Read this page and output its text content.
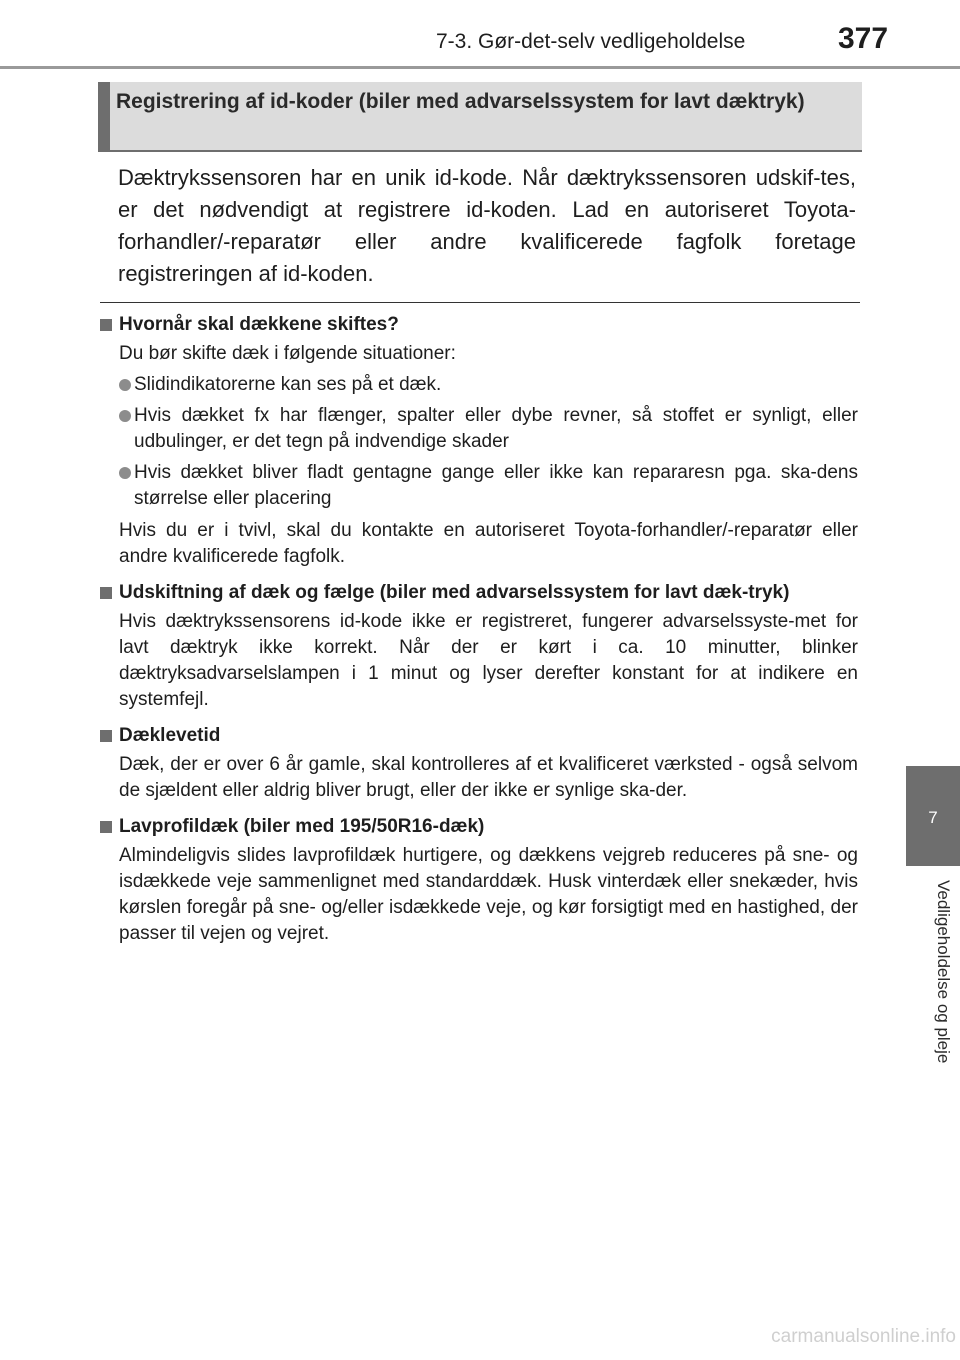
7-3. Gør-det-selv vedligeholdelse	377
7
Vedligeholdelse og pleje
Registrering af id-koder (biler med advarselssystem for lavt dæktryk)

Dæktrykssensoren har en unik id-kode. Når dæktrykssensoren udskif-tes, er det nødvendigt at registrere id-koden. Lad en autoriseret Toyota-forhandler/-reparatør eller andre kvalificerede fagfolk foretage registreringen af id-koden.

Hvornår skal dækkene skiftes?
Du bør skifte dæk i følgende situationer:
Slidindikatorerne kan ses på et dæk.
Hvis dækket fx har flænger, spalter eller dybe revner, så stoffet er synligt, eller udbulinger, er det tegn på indvendige skader
Hvis dækket bliver fladt gentagne gange eller ikke kan repararesn pga. ska-dens størrelse eller placering
Hvis du er i tvivl, skal du kontakte en autoriseret Toyota-forhandler/-reparatør eller andre kvalificerede fagfolk.
Udskiftning af dæk og fælge (biler med advarselssystem for lavt dæk-tryk)
Hvis dæktrykssensorens id-kode ikke er registreret, fungerer advarselssyste-met for lavt dæktryk ikke korrekt. Når der er kørt i ca. 10 minutter, blinker dæktryksadvarselslampen i 1 minut og lyser derefter konstant for at indikere en systemfejl.
Dæklevetid
Dæk, der er over 6 år gamle, skal kontrolleres af et kvalificeret værksted - også selvom de sjældent eller aldrig bliver brugt, eller der ikke er synlige ska-der.
Lavprofildæk (biler med 195/50R16-dæk)
Almindeligvis slides lavprofildæk hurtigere, og dækkens vejgreb reduceres på sne- og isdækkede veje sammenlignet med standarddæk. Husk vinterdæk eller snekæder, hvis kørslen foregår på sne- og/eller isdækkede veje, og kør forsigtigt med en hastighed, der passer til vejen og vejret.
carmanualsonline.info
